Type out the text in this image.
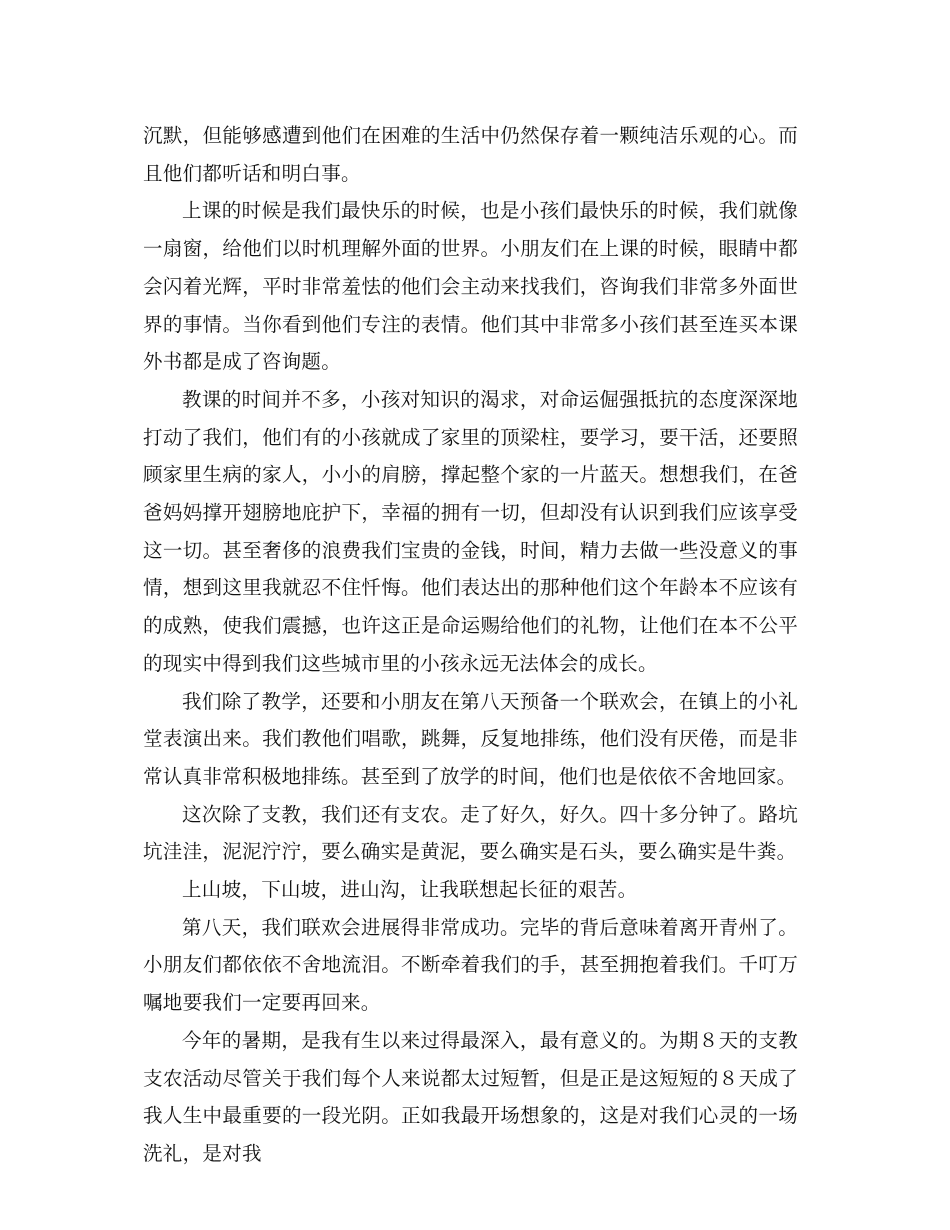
沉默，但能够感遭到他们在困难的生活中仍然保存着一颗纯洁乐观的心。而且他们都听话和明白事。

上课的时候是我们最快乐的时候，也是小孩们最快乐的时候，我们就像一扇窗，给他们以时机理解外面的世界。小朋友们在上课的时候，眼睛中都会闪着光辉，平时非常羞怯的他们会主动来找我们，咨询我们非常多外面世界的事情。当你看到他们专注的表情。他们其中非常多小孩们甚至连买本课外书都是成了咨询题。

教课的时间并不多，小孩对知识的渴求，对命运倔强抵抗的态度深深地打动了我们，他们有的小孩就成了家里的顶梁柱，要学习，要干活，还要照顾家里生病的家人，小小的肩膀，撑起整个家的一片蓝天。想想我们，在爸爸妈妈撑开翅膀地庇护下，幸福的拥有一切，但却没有认识到我们应该享受这一切。甚至奢侈的浪费我们宝贵的金钱，时间，精力去做一些没意义的事情，想到这里我就忍不住忏悔。他们表达出的那种他们这个年龄本不应该有的成熟，使我们震撼，也许这正是命运赐给他们的礼物，让他们在本不公平的现实中得到我们这些城市里的小孩永远无法体会的成长。

我们除了教学，还要和小朋友在第八天预备一个联欢会，在镇上的小礼堂表演出来。我们教他们唱歌，跳舞，反复地排练，他们没有厌倦，而是非常认真非常积极地排练。甚至到了放学的时间，他们也是依依不舍地回家。

这次除了支教，我们还有支农。走了好久，好久。四十多分钟了。路坑坑洼洼，泥泥泞泞，要么确实是黄泥，要么确实是石头，要么确实是牛粪。

上山坡，下山坡，进山沟，让我联想起长征的艰苦。

第八天，我们联欢会进展得非常成功。完毕的背后意味着离开青州了。小朋友们都依依不舍地流泪。不断牵着我们的手，甚至拥抱着我们。千叮万嘱地要我们一定要再回来。

今年的暑期，是我有生以来过得最深入，最有意义的。为期８天的支教支农活动尽管关于我们每个人来说都太过短暂，但是正是这短短的８天成了我人生中最重要的一段光阴。正如我最开场想象的，这是对我们心灵的一场洗礼，是对我
